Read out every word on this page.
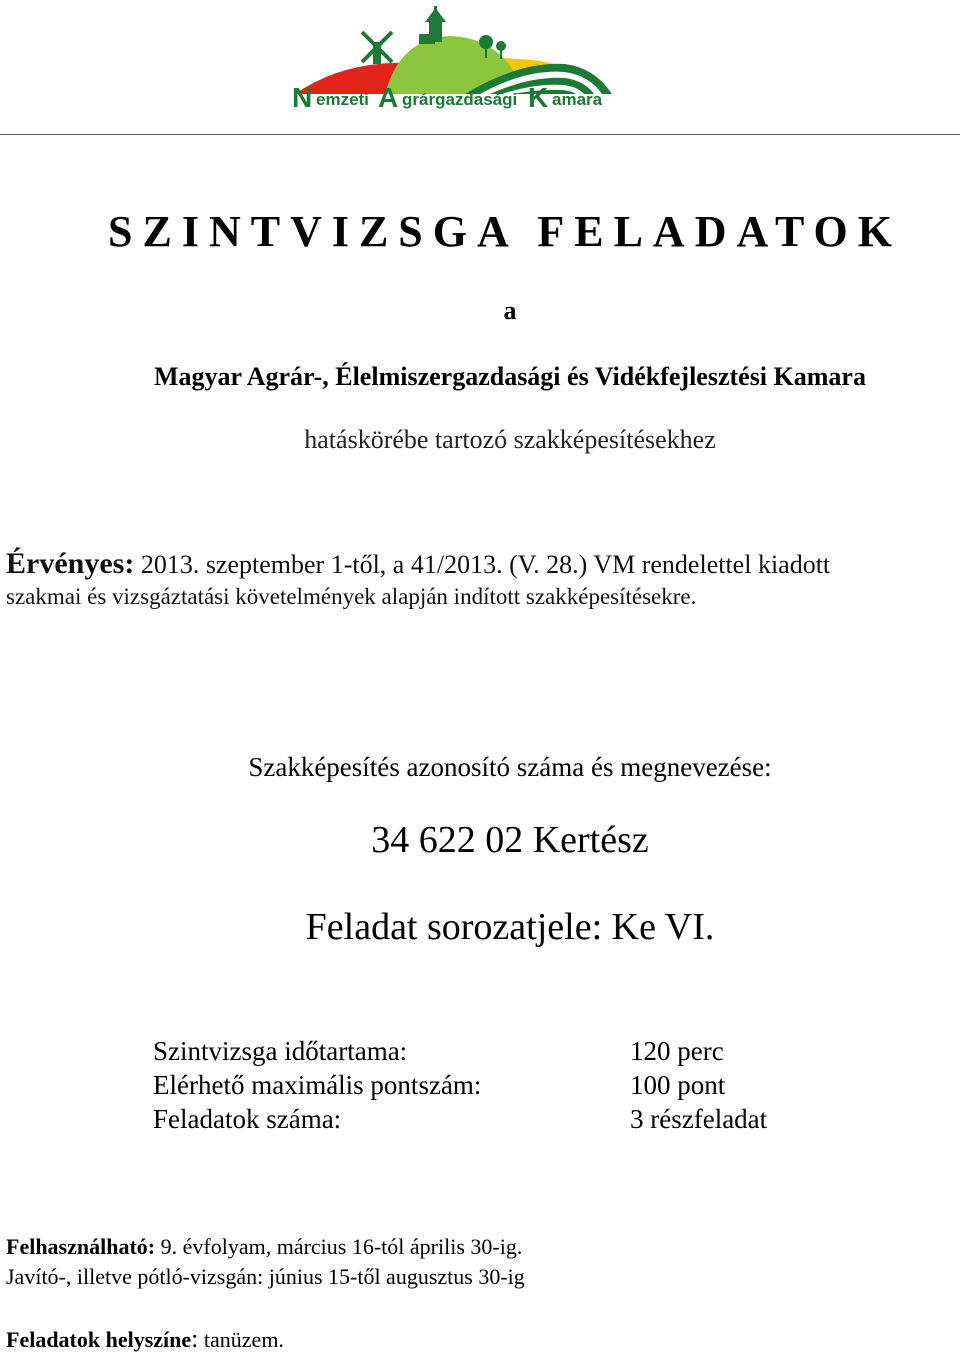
N emzeti A grárgazdasági K amara
SZINTVIZSGA FELADATOK
a
Magyar Agrár-, Élelmiszergazdasági és Vidékfejlesztési Kamara
hatáskörébe tartozó szakképesítésekhez
Érvényes: 2013. szeptember 1-től, a 41/2013. (V. 28.) VM rendelettel kiadott
szakmai és vizsgáztatási követelmények alapján indított szakképesítésekre.
Szakképesítés azonosító száma és megnevezése:
34 622 02 Kertész
Feladat sorozatjele: Ke VI.
Szintvizsga időtartama:	120 perc
Elérhető maximális pontszám:	100 pont
Feladatok száma:	3 részfeladat
Felhasználható: 9. évfolyam, március 16-tól április 30-ig.
Javító-, illetve pótló-vizsgán: június 15-től augusztus 30-ig
Feladatok helyszíne: tanüzem.
